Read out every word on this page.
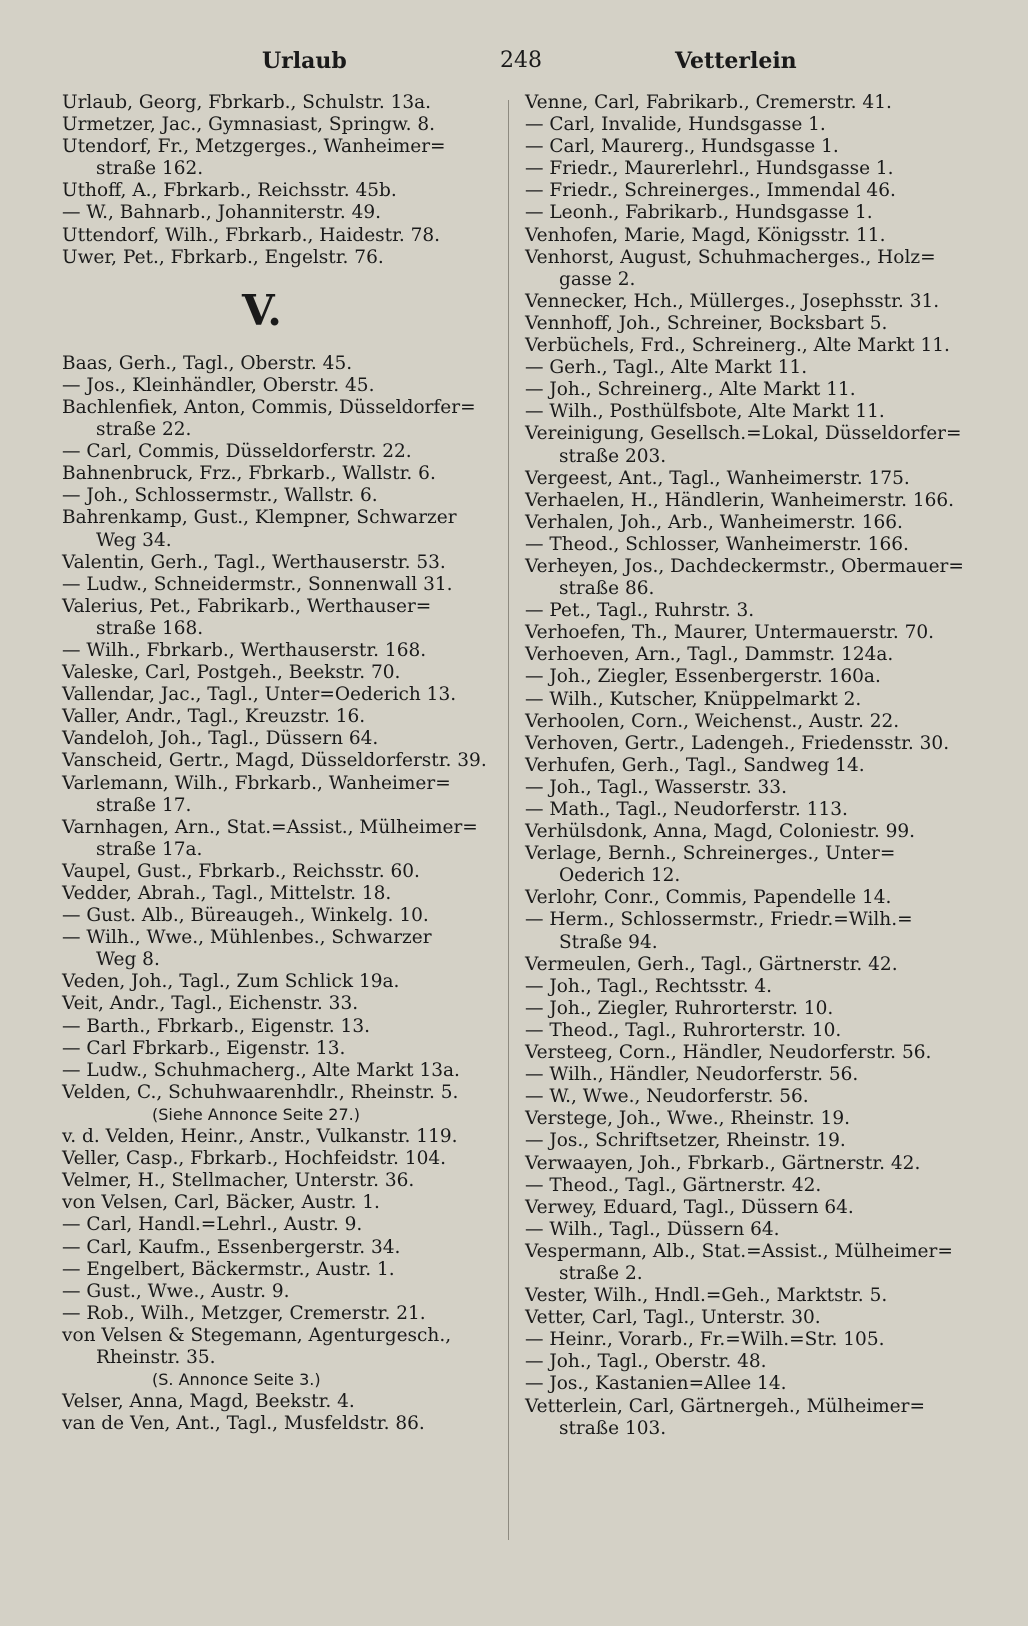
Urlaub	248	Vetterlein
Urlaub, Georg, Fbrkarb., Schulstr. 13a.
Urmetzer, Jac., Gymnasiast, Springw. 8.
Utendorf, Fr., Metzgerges., Wanheimer=
straße 162.
Uthoff, A., Fbrkarb., Reichsstr. 45b.
— W., Bahnarb., Johanniterstr. 49.
Uttendorf, Wilh., Fbrkarb., Haidestr. 78.
Uwer, Pet., Fbrkarb., Engelstr. 76.
V.
Baas, Gerh., Tagl., Oberstr. 45.
— Jos., Kleinhändler, Oberstr. 45.
Bachlenfiek, Anton, Commis, Düsseldorfer=
straße 22.
— Carl, Commis, Düsseldorferstr. 22.
Bahnenbruck, Frz., Fbrkarb., Wallstr. 6.
— Joh., Schlossermstr., Wallstr. 6.
Bahrenkamp, Gust., Klempner, Schwarzer
Weg 34.
Valentin, Gerh., Tagl., Werthauserstr. 53.
— Ludw., Schneidermstr., Sonnenwall 31.
Valerius, Pet., Fabrikarb., Werthauser=
straße 168.
— Wilh., Fbrkarb., Werthauserstr. 168.
Valeske, Carl, Postgeh., Beekstr. 70.
Vallendar, Jac., Tagl., Unter=Oederich 13.
Valler, Andr., Tagl., Kreuzstr. 16.
Vandeloh, Joh., Tagl., Düssern 64.
Vanscheid, Gertr., Magd, Düsseldorferstr. 39.
Varlemann, Wilh., Fbrkarb., Wanheimer=
straße 17.
Varnhagen, Arn., Stat.=Assist., Mülheimer=
straße 17a.
Vaupel, Gust., Fbrkarb., Reichsstr. 60.
Vedder, Abrah., Tagl., Mittelstr. 18.
— Gust. Alb., Büreaugeh., Winkelg. 10.
— Wilh., Wwe., Mühlenbes., Schwarzer
Weg 8.
Veden, Joh., Tagl., Zum Schlick 19a.
Veit, Andr., Tagl., Eichenstr. 33.
— Barth., Fbrkarb., Eigenstr. 13.
— Carl Fbrkarb., Eigenstr. 13.
— Ludw., Schuhmacherg., Alte Markt 13a.
Velden, C., Schuhwaarenhdlr., Rheinstr. 5.
(Siehe Annonce Seite 27.)
v. d. Velden, Heinr., Anstr., Vulkanstr. 119.
Veller, Casp., Fbrkarb., Hochfeidstr. 104.
Velmer, H., Stellmacher, Unterstr. 36.
von Velsen, Carl, Bäcker, Austr. 1.
— Carl, Handl.=Lehrl., Austr. 9.
— Carl, Kaufm., Essenbergerstr. 34.
— Engelbert, Bäckermstr., Austr. 1.
— Gust., Wwe., Austr. 9.
— Rob., Wilh., Metzger, Cremerstr. 21.
von Velsen & Stegemann, Agenturgesch.,
Rheinstr. 35.
(S. Annonce Seite 3.)
Velser, Anna, Magd, Beekstr. 4.
van de Ven, Ant., Tagl., Musfeldstr. 86.
Venne, Carl, Fabrikarb., Cremerstr. 41.
— Carl, Invalide, Hundsgasse 1.
— Carl, Maurerg., Hundsgasse 1.
— Friedr., Maurerlehrl., Hundsgasse 1.
— Friedr., Schreinerges., Immendal 46.
— Leonh., Fabrikarb., Hundsgasse 1.
Venhofen, Marie, Magd, Königsstr. 11.
Venhorst, August, Schuhmacherges., Holz=
gasse 2.
Vennecker, Hch., Müllerges., Josephsstr. 31.
Vennhoff, Joh., Schreiner, Bocksbart 5.
Verbüchels, Frd., Schreinerg., Alte Markt 11.
— Gerh., Tagl., Alte Markt 11.
— Joh., Schreinerg., Alte Markt 11.
— Wilh., Posthülfsbote, Alte Markt 11.
Vereinigung, Gesellsch.=Lokal, Düsseldorfer=
straße 203.
Vergeest, Ant., Tagl., Wanheimerstr. 175.
Verhaelen, H., Händlerin, Wanheimerstr. 166.
Verhalen, Joh., Arb., Wanheimerstr. 166.
— Theod., Schlosser, Wanheimerstr. 166.
Verheyen, Jos., Dachdeckermstr., Obermauer=
straße 86.
— Pet., Tagl., Ruhrstr. 3.
Verhoefen, Th., Maurer, Untermauerstr. 70.
Verhoeven, Arn., Tagl., Dammstr. 124a.
— Joh., Ziegler, Essenbergerstr. 160a.
— Wilh., Kutscher, Knüppelmarkt 2.
Verhoolen, Corn., Weichenst., Austr. 22.
Verhoven, Gertr., Ladengeh., Friedensstr. 30.
Verhufen, Gerh., Tagl., Sandweg 14.
— Joh., Tagl., Wasserstr. 33.
— Math., Tagl., Neudorferstr. 113.
Verhülsdonk, Anna, Magd, Coloniestr. 99.
Verlage, Bernh., Schreinerges., Unter=
Oederich 12.
Verlohr, Conr., Commis, Papendelle 14.
— Herm., Schlossermstr., Friedr.=Wilh.=
Straße 94.
Vermeulen, Gerh., Tagl., Gärtnerstr. 42.
— Joh., Tagl., Rechtsstr. 4.
— Joh., Ziegler, Ruhrorterstr. 10.
— Theod., Tagl., Ruhrorterstr. 10.
Versteeg, Corn., Händler, Neudorferstr. 56.
— Wilh., Händler, Neudorferstr. 56.
— W., Wwe., Neudorferstr. 56.
Verstege, Joh., Wwe., Rheinstr. 19.
— Jos., Schriftsetzer, Rheinstr. 19.
Verwaayen, Joh., Fbrkarb., Gärtnerstr. 42.
— Theod., Tagl., Gärtnerstr. 42.
Verwey, Eduard, Tagl., Düssern 64.
— Wilh., Tagl., Düssern 64.
Vespermann, Alb., Stat.=Assist., Mülheimer=
straße 2.
Vester, Wilh., Hndl.=Geh., Marktstr. 5.
Vetter, Carl, Tagl., Unterstr. 30.
— Heinr., Vorarb., Fr.=Wilh.=Str. 105.
— Joh., Tagl., Oberstr. 48.
— Jos., Kastanien=Allee 14.
Vetterlein, Carl, Gärtnergeh., Mülheimer=
straße 103.
